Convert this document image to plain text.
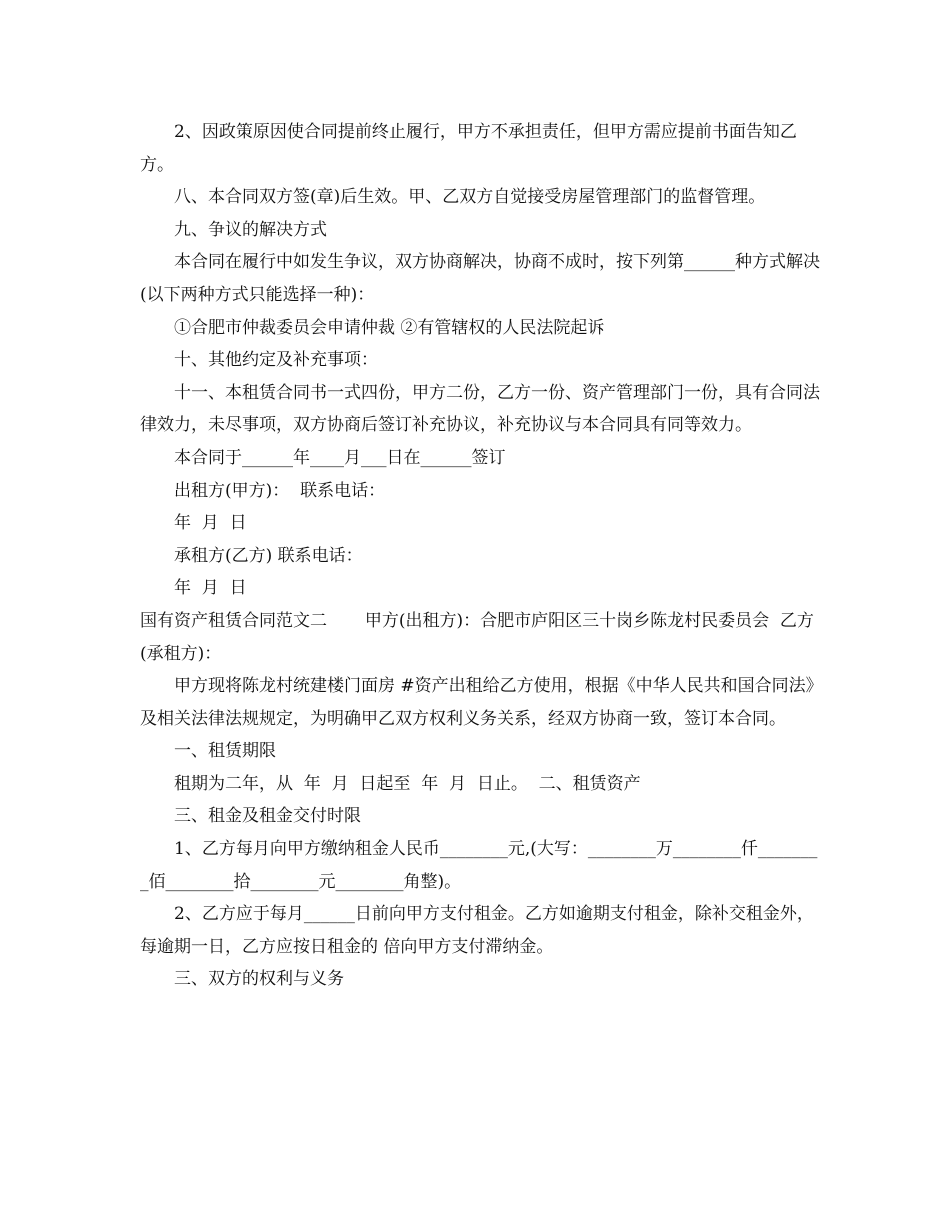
2、因政策原因使合同提前终止履行，甲方不承担责任，但甲方需应提前书面告知乙方。

八、本合同双方签(章)后生效。甲、乙双方自觉接受房屋管理部门的监督管理。

九、争议的解决方式

本合同在履行中如发生争议，双方协商解决，协商不成时，按下列第______种方式解决(以下两种方式只能选择一种)：

①合肥市仲裁委员会申请仲裁 ②有管辖权的人民法院起诉

十、其他约定及补充事项：

十一、本租赁合同书一式四份，甲方二份，乙方一份、资产管理部门一份，具有合同法律效力，未尽事项，双方协商后签订补充协议，补充协议与本合同具有同等效力。

本合同于______年____月___日在______签订

出租方(甲方)：  联系电话：

年  月  日

承租方(乙方) 联系电话：

年  月  日

国有资产租赁合同范文二       甲方(出租方)：合肥市庐阳区三十岗乡陈龙村民委员会  乙方(承租方)：

甲方现将陈龙村统建楼门面房 #资产出租给乙方使用，根据《中华人民共和国合同法》及相关法律法规规定，为明确甲乙双方权利义务关系，经双方协商一致，签订本合同。

一、租赁期限

租期为二年，从  年  月  日起至  年  月  日止。  二、租赁资产

三、租金及租金交付时限

1、乙方每月向甲方缴纳租金人民币________元,(大写：________万________仟________佰________拾________元________角整)。

2、乙方应于每月______日前向甲方支付租金。乙方如逾期支付租金，除补交租金外，每逾期一日，乙方应按日租金的 倍向甲方支付滞纳金。

三、双方的权利与义务
